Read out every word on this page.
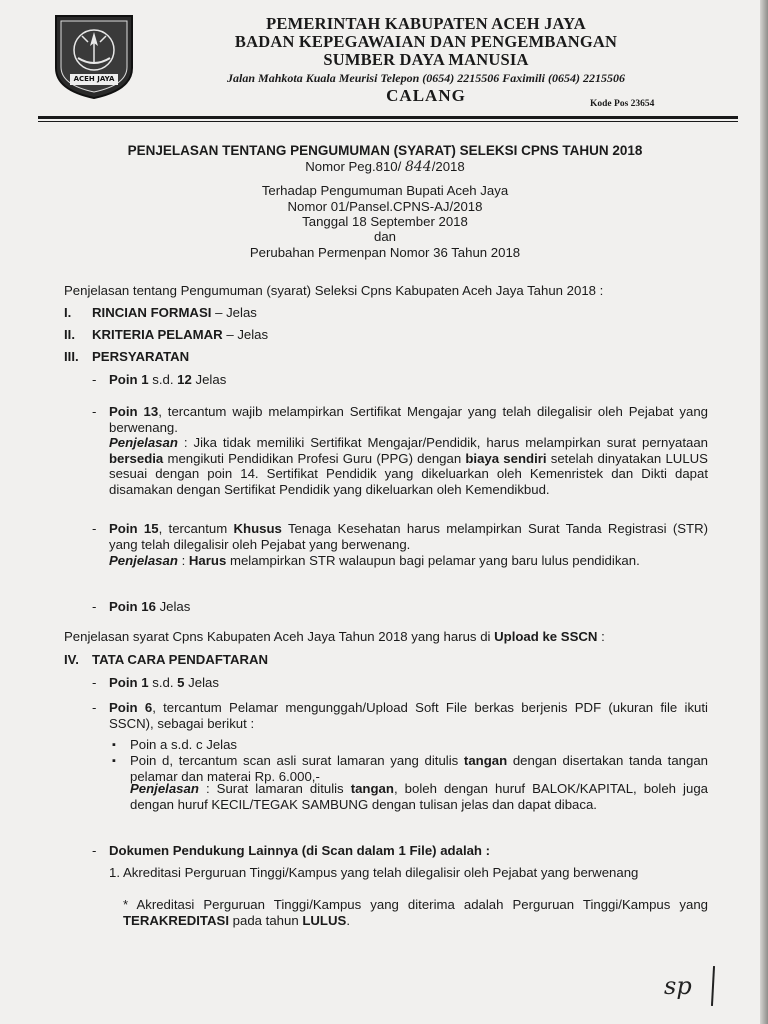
ACEH JAYA
PEMERINTAH KABUPATEN ACEH JAYA
BADAN KEPEGAWAIAN DAN PENGEMBANGAN
SUMBER DAYA MANUSIA
Jalan Mahkota Kuala Meurisi Telepon (0654) 2215506 Faximili (0654) 2215506
CALANG	Kode Pos 23654
PENJELASAN TENTANG PENGUMUMAN (SYARAT) SELEKSI CPNS TAHUN 2018
Nomor Peg.810/ 844/2018
Terhadap Pengumuman Bupati Aceh Jaya
Nomor 01/Pansel.CPNS-AJ/2018
Tanggal 18 September 2018
dan
Perubahan Permenpan Nomor 36 Tahun 2018
Penjelasan tentang Pengumuman (syarat) Seleksi Cpns Kabupaten Aceh Jaya Tahun 2018 :
I. RINCIAN FORMASI – Jelas
II. KRITERIA PELAMAR – Jelas
III. PERSYARATAN
- Poin 1 s.d. 12 Jelas
- Poin 13, tercantum wajib melampirkan Sertifikat Mengajar yang telah dilegalisir oleh Pejabat yang berwenang.
Penjelasan : Jika tidak memiliki Sertifikat Mengajar/Pendidik, harus melampirkan surat pernyataan bersedia mengikuti Pendidikan Profesi Guru (PPG) dengan biaya sendiri setelah dinyatakan LULUS sesuai dengan poin 14. Sertifikat Pendidik yang dikeluarkan oleh Kemenristek dan Dikti dapat disamakan dengan Sertifikat Pendidik yang dikeluarkan oleh Kemendikbud.
- Poin 15, tercantum Khusus Tenaga Kesehatan harus melampirkan Surat Tanda Registrasi (STR) yang telah dilegalisir oleh Pejabat yang berwenang.
Penjelasan : Harus melampirkan STR walaupun bagi pelamar yang baru lulus pendidikan.
- Poin 16 Jelas
Penjelasan syarat Cpns Kabupaten Aceh Jaya Tahun 2018 yang harus di Upload ke SSCN :
IV. TATA CARA PENDAFTARAN
- Poin 1 s.d. 5 Jelas
- Poin 6, tercantum Pelamar mengunggah/Upload Soft File berkas berjenis PDF (ukuran file ikuti SSCN), sebagai berikut :
▪ Poin a s.d. c Jelas
▪ Poin d, tercantum scan asli surat lamaran yang ditulis tangan dengan disertakan tanda tangan pelamar dan materai Rp. 6.000,-
Penjelasan : Surat lamaran ditulis tangan, boleh dengan huruf BALOK/KAPITAL, boleh juga dengan huruf KECIL/TEGAK SAMBUNG dengan tulisan jelas dan dapat dibaca.
- Dokumen Pendukung Lainnya (di Scan dalam 1 File) adalah :
1. Akreditasi Perguruan Tinggi/Kampus yang telah dilegalisir oleh Pejabat yang berwenang
* Akreditasi Perguruan Tinggi/Kampus yang diterima adalah Perguruan Tinggi/Kampus yang TERAKREDITASI pada tahun LULUS.
sp
